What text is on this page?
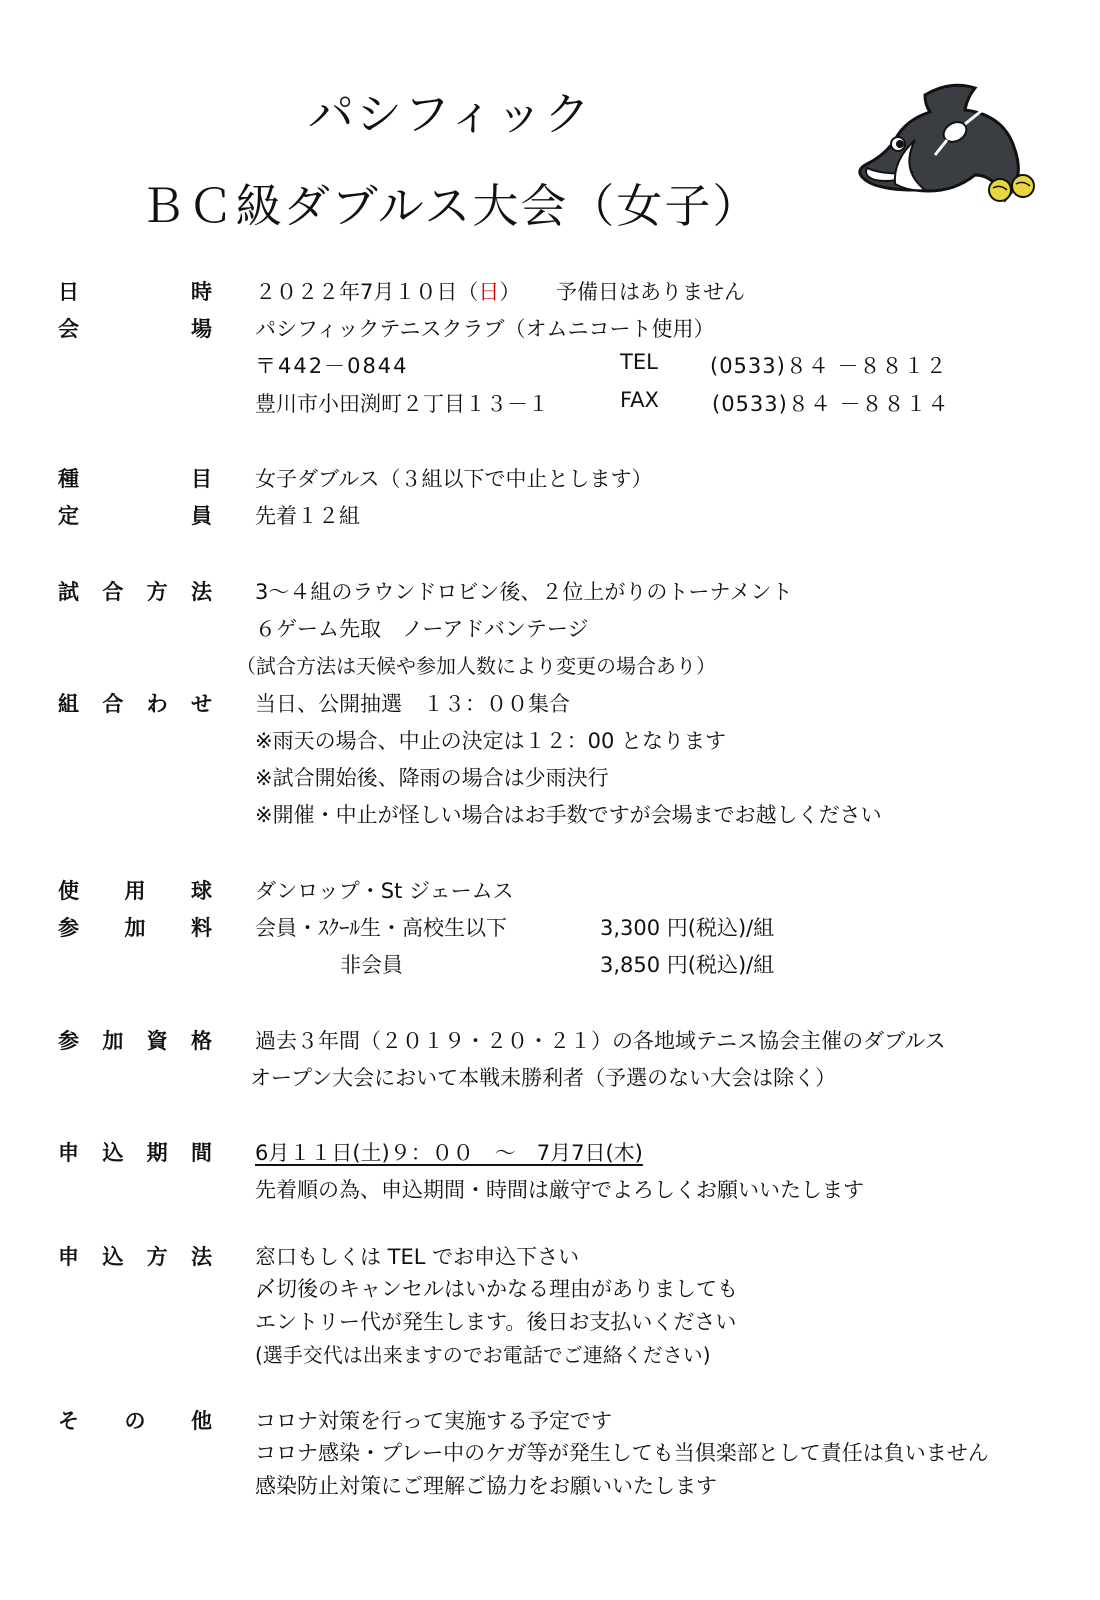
パシフィック
ＢＣ級ダブルス大会（女子）
日	時 ２０２２年7月１０日（日） 予備日はありません
会	場 パシフィックテニスクラブ（オムニコート使用）
〒442－0844	TEL (0533)８４ －８８１２
豊川市小田渕町２丁目１３－１	FAX	(0533)８４ －８８１４
種	目 女子ダブルス（３組以下で中止とします）
定	員 先着１２組
試 合 方 法 3～４組のラウンドロビン後、２位上がりのトーナメント
６ゲーム先取　ノーアドバンテージ
（試合方法は天候や参加人数により変更の場合あり）
組 合 わ せ 当日、公開抽選　１３：００集合
※雨天の場合、中止の決定は１２：00 となります
※試合開始後、降雨の場合は少雨決行
※開催・中止が怪しい場合はお手数ですが会場までお越しください
使 用 球 ダンロップ・St ジェームス
参 加 料 会員・ｽｸｰﾙ生・高校生以下	3,300 円(税込)/組
非会員	3,850 円(税込)/組
参 加 資 格 過去３年間（２０１９・２０・２１）の各地域テニス協会主催のダブルス
オープン大会において本戦未勝利者（予選のない大会は除く）
申 込 期 間 6月１１日(土)９：００　～　7月7日(木)
先着順の為、申込期間・時間は厳守でよろしくお願いいたします
申 込 方 法 窓口もしくは TEL でお申込下さい
〆切後のキャンセルはいかなる理由がありましても
エントリー代が発生します。後日お支払いください
(選手交代は出来ますのでお電話でご連絡ください)
そ の 他 コロナ対策を行って実施する予定です
コロナ感染・プレー中のケガ等が発生しても当倶楽部として責任は負いません
感染防止対策にご理解ご協力をお願いいたします
